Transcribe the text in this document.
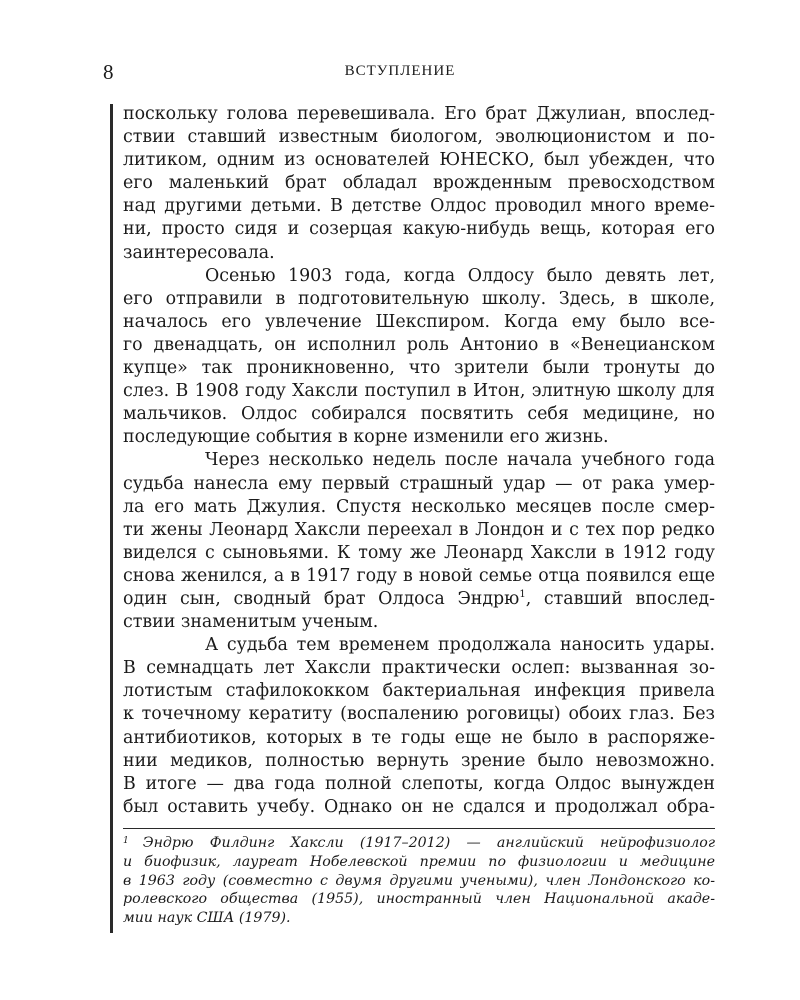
8	ВСТУПЛЕНИЕ
поскольку голова перевешивала. Его брат Джулиан, впослед-
ствии ставший известным биологом, эволюционистом и по-
литиком, одним из основателей ЮНЕСКО, был убежден, что
его маленький брат обладал врожденным превосходством
над другими детьми. В детстве Олдос проводил много време-
ни, просто сидя и созерцая какую-нибудь вещь, которая его
заинтересовала.
Осенью 1903 года, когда Олдосу было девять лет,
его отправили в подготовительную школу. Здесь, в школе,
началось его увлечение Шекспиром. Когда ему было все-
го двенадцать, он исполнил роль Антонио в «Венецианском
купце» так проникновенно, что зрители были тронуты до
слез. В 1908 году Хаксли поступил в Итон, элитную школу для
мальчиков. Олдос собирался посвятить себя медицине, но
последующие события в корне изменили его жизнь.
Через несколько недель после начала учебного года
судьба нанесла ему первый страшный удар — от рака умер-
ла его мать Джулия. Спустя несколько месяцев после смер-
ти жены Леонард Хаксли переехал в Лондон и с тех пор редко
виделся с сыновьями. К тому же Леонард Хаксли в 1912 году
снова женился, а в 1917 году в новой семье отца появился еще
один сын, сводный брат Олдоса Эндрю$^1$, ставший впослед-
ствии знаменитым ученым.
А судьба тем временем продолжала наносить удары.
В семнадцать лет Хаксли практически ослеп: вызванная зо-
лотистым стафилококком бактериальная инфекция привела
к точечному кератиту (воспалению роговицы) обоих глаз. Без
антибиотиков, которых в те годы еще не было в распоряже-
нии медиков, полностью вернуть зрение было невозможно.
В итоге — два года полной слепоты, когда Олдос вынужден
был оставить учебу. Однако он не сдался и продолжал обра-
$^1$ Эндрю Филдинг Хаксли (1917–2012) — английский нейрофизиолог
и биофизик, лауреат Нобелевской премии по физиологии и медицине
в 1963 году (совместно с двумя другими учеными), член Лондонского ко-
ролевского общества (1955), иностранный член Национальной акаде-
мии наук США (1979).
